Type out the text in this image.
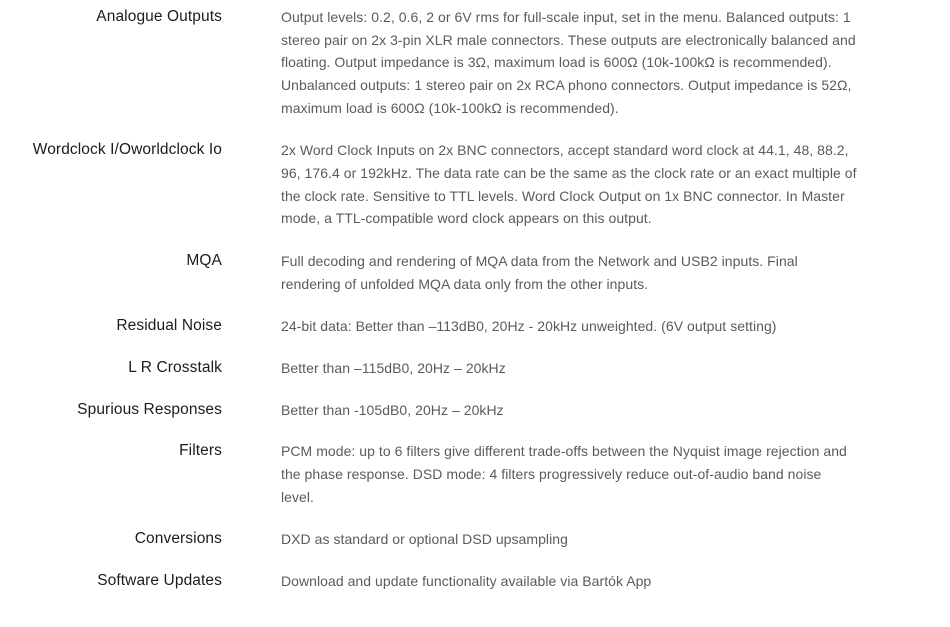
Analogue Outputs	Output levels: 0.2, 0.6, 2 or 6V rms for full-scale input, set in the menu. Balanced outputs: 1 stereo pair on 2x 3-pin XLR male connectors. These outputs are electronically balanced and floating. Output impedance is 3Ω, maximum load is 600Ω (10k-100kΩ is recommended). Unbalanced outputs: 1 stereo pair on 2x RCA phono connectors. Output impedance is 52Ω, maximum load is 600Ω (10k-100kΩ is recommended).
Wordclock I/Oworldclock Io	2x Word Clock Inputs on 2x BNC connectors, accept standard word clock at 44.1, 48, 88.2, 96, 176.4 or 192kHz. The data rate can be the same as the clock rate or an exact multiple of the clock rate. Sensitive to TTL levels. Word Clock Output on 1x BNC connector. In Master mode, a TTL-compatible word clock appears on this output.
MQA	Full decoding and rendering of MQA data from the Network and USB2 inputs. Final rendering of unfolded MQA data only from the other inputs.
Residual Noise	24-bit data: Better than –113dB0, 20Hz - 20kHz unweighted. (6V output setting)
L R Crosstalk	Better than –115dB0, 20Hz – 20kHz
Spurious Responses	Better than -105dB0, 20Hz – 20kHz
Filters	PCM mode: up to 6 filters give different trade-offs between the Nyquist image rejection and the phase response. DSD mode: 4 filters progressively reduce out-of-audio band noise level.
Conversions	DXD as standard or optional DSD upsampling
Software Updates	Download and update functionality available via Bartók App
